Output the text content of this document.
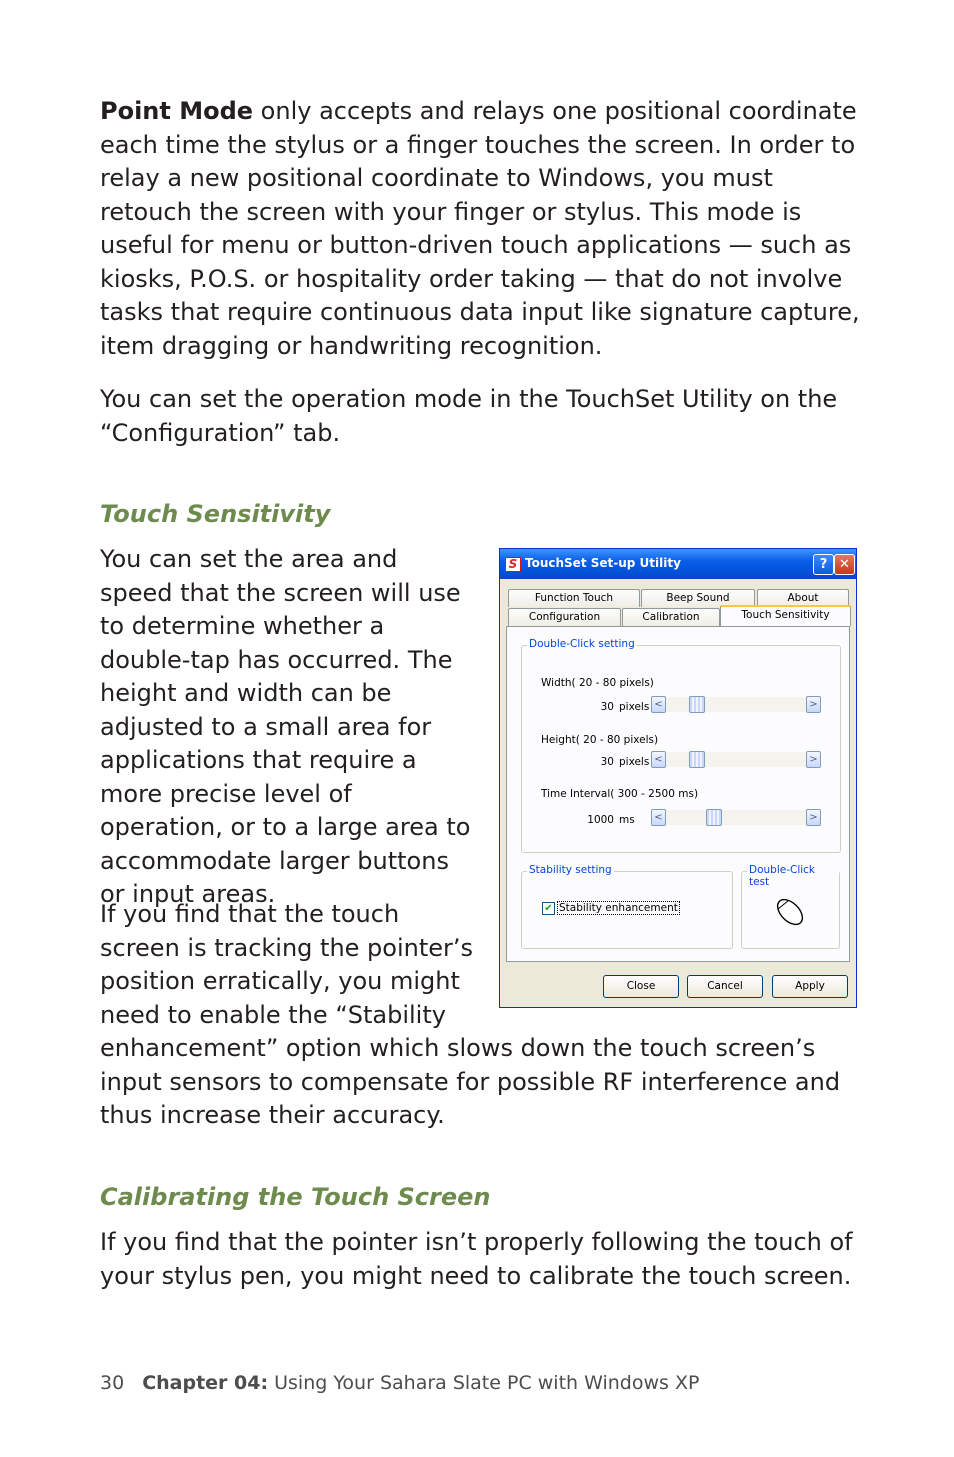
Point Mode only accepts and relays one positional coordinate each time the stylus or a finger touches the screen. In order to relay a new positional coordinate to Windows, you must retouch the screen with your finger or stylus. This mode is useful for menu or button-driven touch applications — such as kiosks, P.O.S. or hospitality order taking — that do not involve tasks that require continuous data input like signature capture, item dragging or handwriting recognition.

You can set the operation mode in the TouchSet Utility on the “Configuration” tab.

Touch Sensitivity

You can set the area and speed that the screen will use to determine whether a double-tap has occurred. The height and width can be adjusted to a small area for applications that require a more precise level of operation, or to a large area to accommodate larger buttons or input areas.

If you find that the touch screen is tracking the pointer’s position erratically, you might need to enable the “Stability

enhancement” option which slows down the touch screen’s input sensors to compensate for possible RF interference and thus increase their accuracy.

Calibrating the Touch Screen

If you find that the pointer isn’t properly following the touch of your stylus pen, you might need to calibrate the touch screen.

30 Chapter 04: Using Your Sahara Slate PC with Windows XP
S TouchSet Set-up Utility	? ✕
Function Touch	Beep Sound	About
Configuration	Calibration	Touch Sensitivity
Double-Click setting
Width( 20 - 80 pixels)
30 pixels <	>
Height( 20 - 80 pixels)
30 pixels <	>
Time Interval( 300 - 2500 ms)
1000 ms	<	>
Stability setting
✔ Stability enhancement
Double-Click test
Close	Cancel	Apply
